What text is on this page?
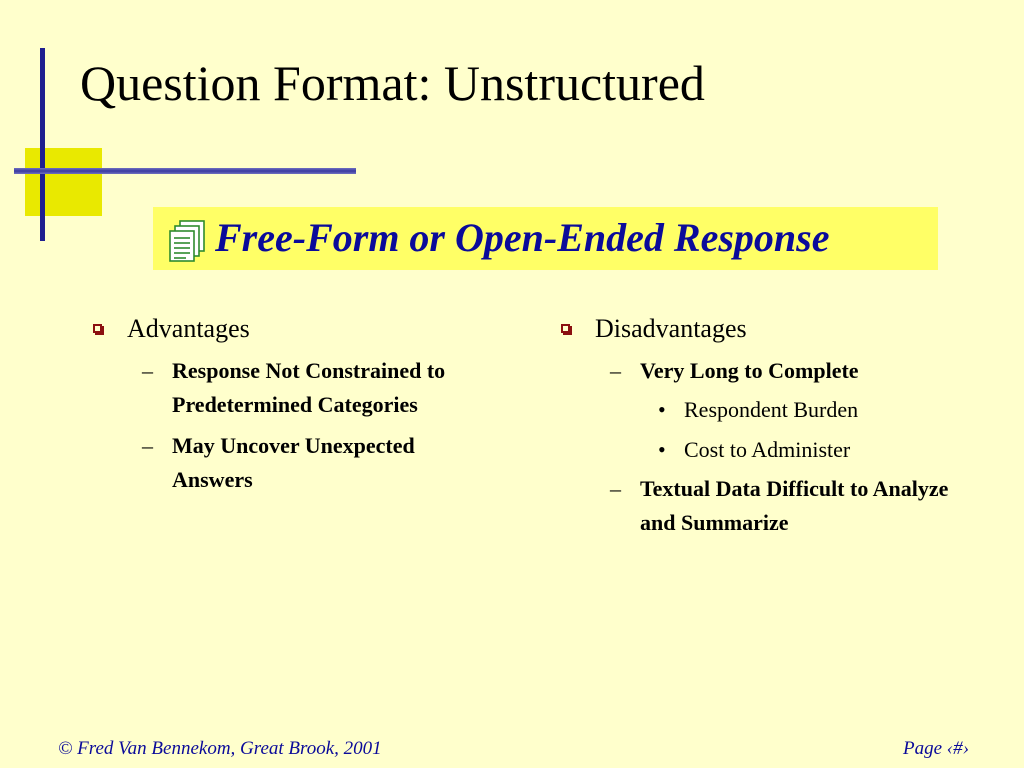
Question Format: Unstructured
Free-Form or Open-Ended Response
Advantages
– Response Not Constrained to Predetermined Categories
– May Uncover Unexpected Answers
Disadvantages
– Very Long to Complete
• Respondent Burden
• Cost to Administer
– Textual Data Difficult to Analyze and Summarize
© Fred Van Bennekom, Great Brook, 2001	Page ‹#›
